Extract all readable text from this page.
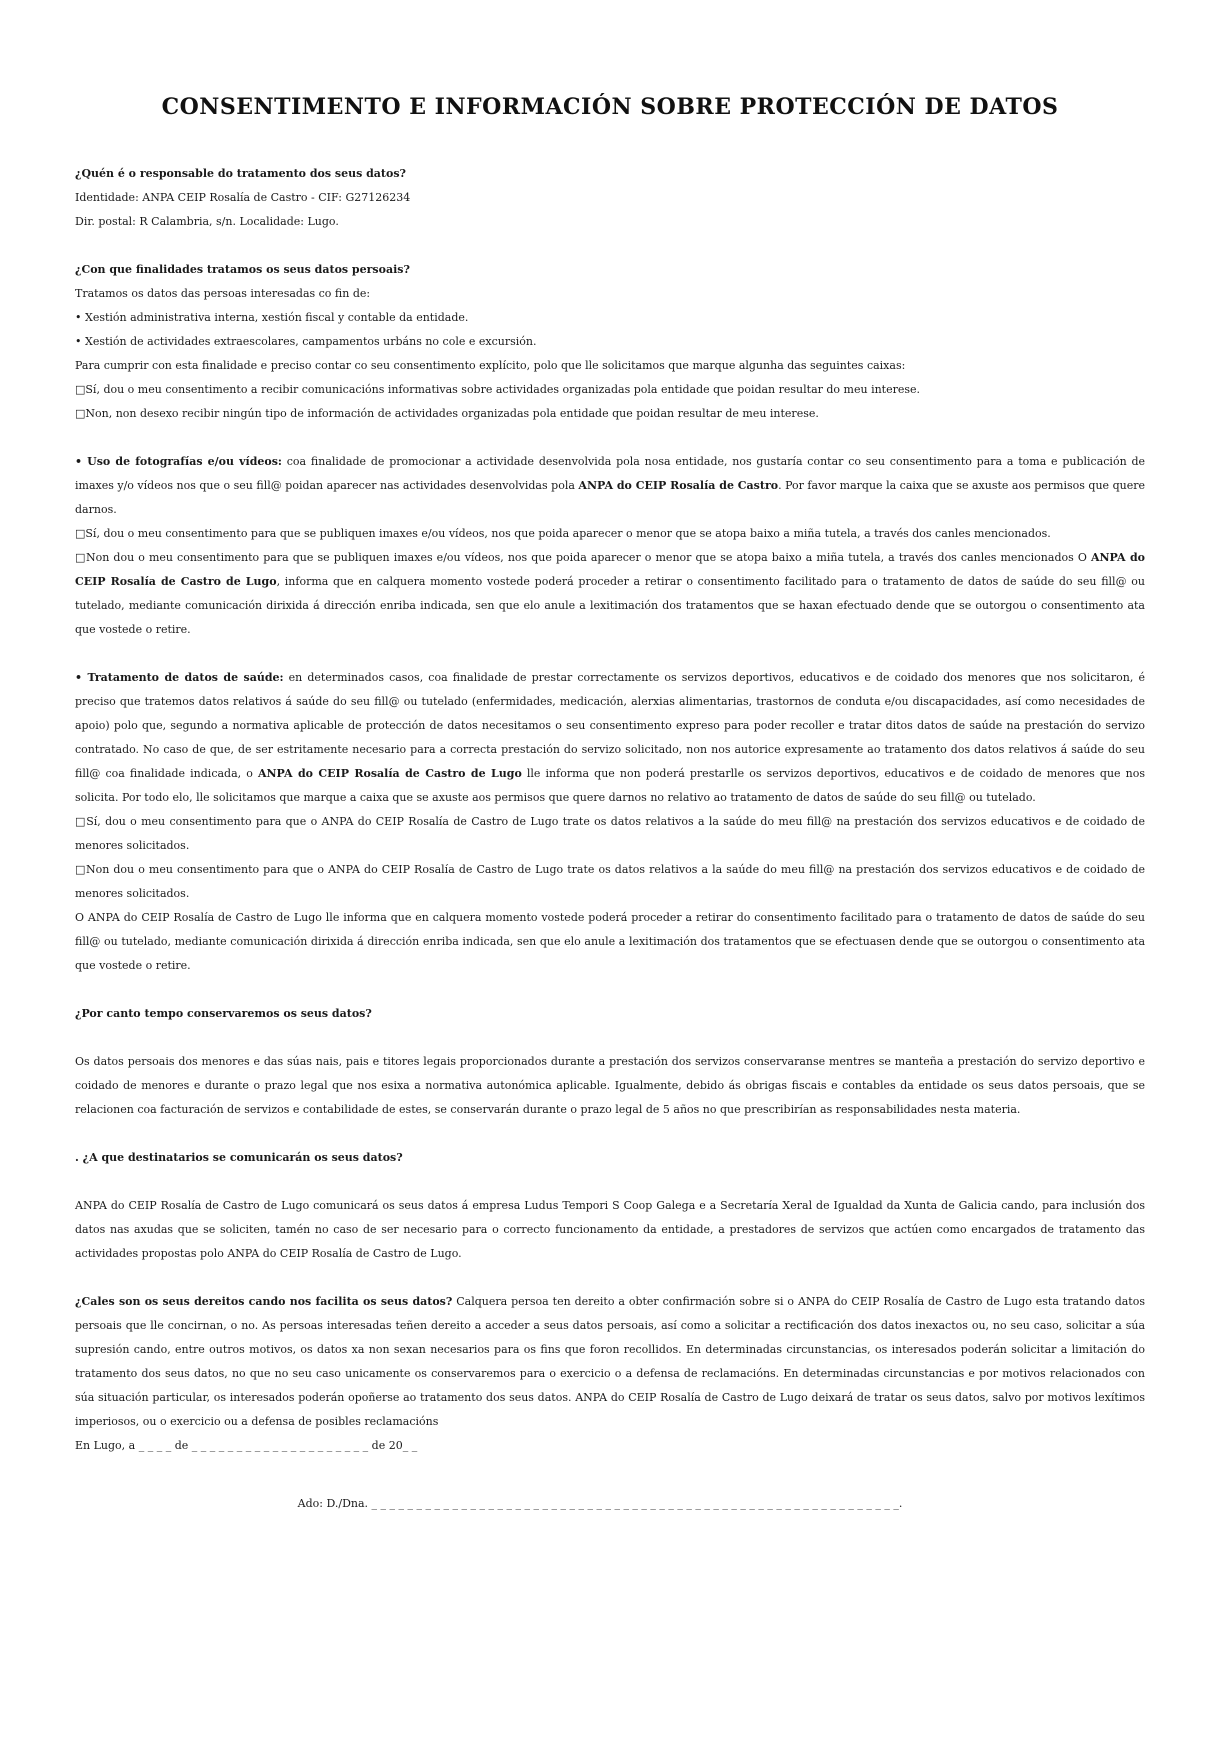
CONSENTIMENTO E INFORMACIÓN SOBRE PROTECCIÓN DE DATOS

¿Quén é o responsable do tratamento dos seus datos?

Identidade: ANPA CEIP Rosalía de Castro - CIF: G27126234

Dir. postal: R Calambria, s/n. Localidade: Lugo.

¿Con que finalidades tratamos os seus datos persoais?

Tratamos os datos das persoas interesadas co fin de:

• Xestión administrativa interna, xestión fiscal y contable da entidade.

• Xestión de actividades extraescolares, campamentos urbáns no cole e excursión.

Para cumprir con esta finalidade e preciso contar co seu consentimento explícito, polo que lle solicitamos que marque algunha das seguintes caixas:

□Sí, dou o meu consentimento a recibir comunicacións informativas sobre actividades organizadas pola entidade que poidan resultar do meu interese.

□Non, non desexo recibir ningún tipo de información de actividades organizadas pola entidade que poidan resultar de meu interese.

• Uso de fotografías e/ou vídeos: coa finalidade de promocionar a actividade desenvolvida pola nosa entidade, nos gustaría contar co seu consentimento para a toma e publicación de imaxes y/o vídeos nos que o seu fill@ poidan aparecer nas actividades desenvolvidas pola ANPA do CEIP Rosalía de Castro. Por favor marque la caixa que se axuste aos permisos que quere darnos.

□Sí, dou o meu consentimento para que se publiquen imaxes e/ou vídeos, nos que poida aparecer o menor que se atopa baixo a miña tutela, a través dos canles mencionados.

□Non dou o meu consentimento para que se publiquen imaxes e/ou vídeos, nos que poida aparecer o menor que se atopa baixo a miña tutela, a través dos canles mencionados O ANPA do CEIP Rosalía de Castro de Lugo, informa que en calquera momento vostede poderá proceder a retirar o consentimento facilitado para o tratamento de datos de saúde do seu fill@ ou tutelado, mediante comunicación dirixida á dirección enriba indicada, sen que elo anule a lexitimación dos tratamentos que se haxan efectuado dende que se outorgou o consentimento ata que vostede o retire.

• Tratamento de datos de saúde: en determinados casos, coa finalidade de prestar correctamente os servizos deportivos, educativos e de coidado dos menores que nos solicitaron, é preciso que tratemos datos relativos á saúde do seu fill@ ou tutelado (enfermidades, medicación, alerxias alimentarias, trastornos de conduta e/ou discapacidades, así como necesidades de apoio) polo que, segundo a normativa aplicable de protección de datos necesitamos o seu consentimento expreso para poder recoller e tratar ditos datos de saúde na prestación do servizo contratado. No caso de que, de ser estritamente necesario para a correcta prestación do servizo solicitado, non nos autorice expresamente ao tratamento dos datos relativos á saúde do seu fill@ coa finalidade indicada, o ANPA do CEIP Rosalía de Castro de Lugo lle informa que non poderá prestarlle os servizos deportivos, educativos e de coidado de menores que nos solicita. Por todo elo, lle solicitamos que marque a caixa que se axuste aos permisos que quere darnos no relativo ao tratamento de datos de saúde do seu fill@ ou tutelado.

□Sí, dou o meu consentimento para que o ANPA do CEIP Rosalía de Castro de Lugo trate os datos relativos a la saúde do meu fill@ na prestación dos servizos educativos e de coidado de menores solicitados.

□Non dou o meu consentimento para que o ANPA do CEIP Rosalía de Castro de Lugo trate os datos relativos a la saúde do meu fill@ na prestación dos servizos educativos e de coidado de menores solicitados.

O ANPA do CEIP Rosalía de Castro de Lugo lle informa que en calquera momento vostede poderá proceder a retirar do consentimento facilitado para o tratamento de datos de saúde do seu fill@ ou tutelado, mediante comunicación dirixida á dirección enriba indicada, sen que elo anule a lexitimación dos tratamentos que se efectuasen dende que se outorgou o consentimento ata que vostede o retire.

¿Por canto tempo conservaremos os seus datos?

Os datos persoais dos menores e das súas nais, pais e titores legais proporcionados durante a prestación dos servizos conservaranse mentres se manteña a prestación do servizo deportivo e coidado de menores e durante o prazo legal que nos esixa a normativa autonómica aplicable. Igualmente, debido ás obrigas fiscais e contables da entidade os seus datos persoais, que se relacionen coa facturación de servizos e contabilidade de estes, se conservarán durante o prazo legal de 5 años no que prescribirían as responsabilidades nesta materia.

. ¿A que destinatarios se comunicarán os seus datos?

ANPA do CEIP Rosalía de Castro de Lugo comunicará os seus datos á empresa Ludus Tempori S Coop Galega e a Secretaría Xeral de Igualdad da Xunta de Galicia cando, para inclusión dos datos nas axudas que se soliciten, tamén no caso de ser necesario para o correcto funcionamento da entidade, a prestadores de servizos que actúen como encargados de tratamento das actividades propostas polo ANPA do CEIP Rosalía de Castro de Lugo.

¿Cales son os seus dereitos cando nos facilita os seus datos? Calquera persoa ten dereito a obter confirmación sobre si o ANPA do CEIP Rosalía de Castro de Lugo esta tratando datos persoais que lle concirnan, o no. As persoas interesadas teñen dereito a acceder a seus datos persoais, así como a solicitar a rectificación dos datos inexactos ou, no seu caso, solicitar a súa supresión cando, entre outros motivos, os datos xa non sexan necesarios para os fins que foron recollidos. En determinadas circunstancias, os interesados poderán solicitar a limitación do tratamento dos seus datos, no que no seu caso unicamente os conservaremos para o exercicio o a defensa de reclamacións. En determinadas circunstancias e por motivos relacionados con súa situación particular, os interesados poderán opoñerse ao tratamento dos seus datos. ANPA do CEIP Rosalía de Castro de Lugo deixará de tratar os seus datos, salvo por motivos lexítimos imperiosos, ou o exercicio ou a defensa de posibles reclamacións

En Lugo, a _ _ _ _ de _ _ _ _ _ _ _ _ _ _ _ _ _ _ _ _ _ _ _ _ de 20_ _

Ado: D./Dna. _ _ _ _ _ _ _ _ _ _ _ _ _ _ _ _ _ _ _ _ _ _ _ _ _ _ _ _ _ _ _ _ _ _ _ _ _ _ _ _ _ _ _ _ _ _ _ _ _ _ _ _ _ _ _ _ _ _ _.
